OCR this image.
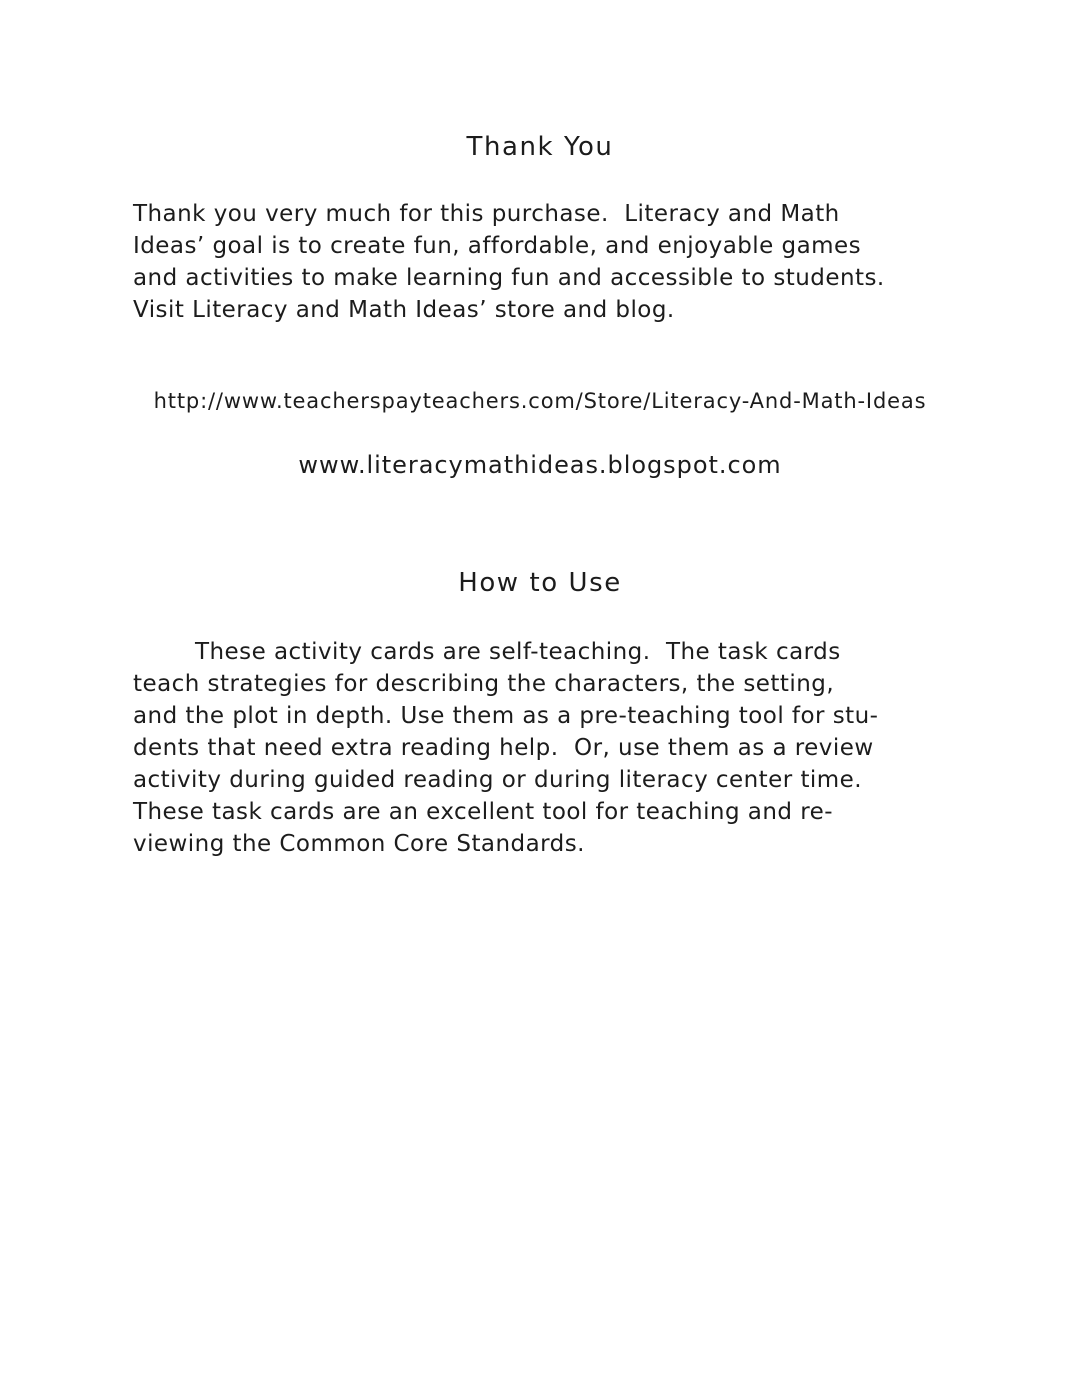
Thank You
Thank you very much for this purchase.  Literacy and Math
Ideas’ goal is to create fun, affordable, and enjoyable games
and activities to make learning fun and accessible to students.
Visit Literacy and Math Ideas’ store and blog.
http://www.teacherspayteachers.com/Store/Literacy-And-Math-Ideas
www.literacymathideas.blogspot.com
How to Use
These activity cards are self-teaching.  The task cards
teach strategies for describing the characters, the setting,
and the plot in depth. Use them as a pre-teaching tool for stu-
dents that need extra reading help.  Or, use them as a review
activity during guided reading or during literacy center time.
These task cards are an excellent tool for teaching and re-
viewing the Common Core Standards.
